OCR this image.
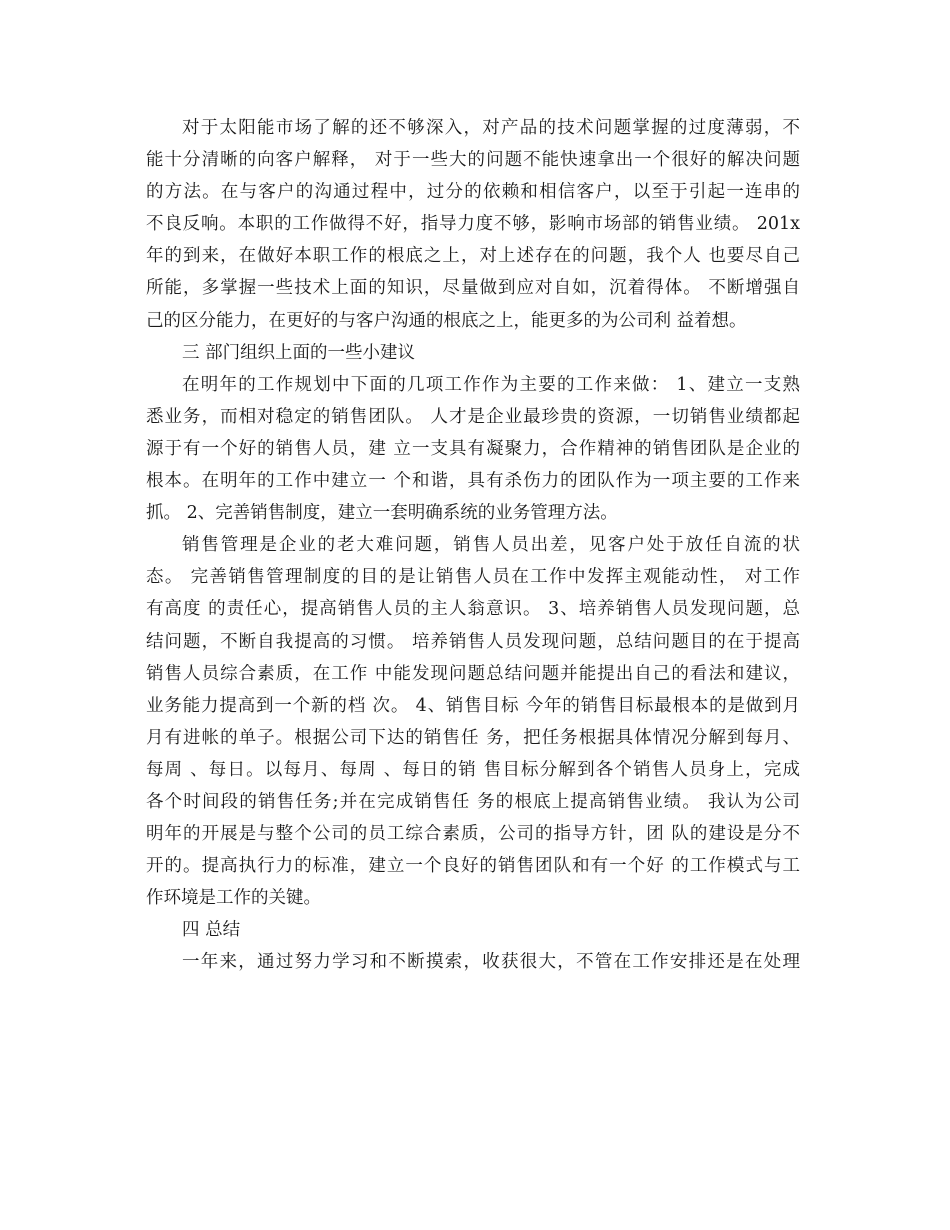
对于太阳能市场了解的还不够深入，对产品的技术问题掌握的过度薄弱，不
能十分清晰的向客户解释， 对于一些大的问题不能快速拿出一个很好的解决问题
的方法。在与客户的沟通过程中，过分的依赖和相信客户，以至于引起一连串的
不良反响。本职的工作做得不好，指导力度不够，影响市场部的销售业绩。 201x
年的到来，在做好本职工作的根底之上，对上述存在的问题，我个人 也要尽自己
所能，多掌握一些技术上面的知识，尽量做到应对自如，沉着得体。 不断增强自
己的区分能力，在更好的与客户沟通的根底之上，能更多的为公司利 益着想。
三 部门组织上面的一些小建议
在明年的工作规划中下面的几项工作作为主要的工作来做： 1、建立一支熟
悉业务，而相对稳定的销售团队。 人才是企业最珍贵的资源，一切销售业绩都起
源于有一个好的销售人员，建 立一支具有凝聚力，合作精神的销售团队是企业的
根本。在明年的工作中建立一 个和谐，具有杀伤力的团队作为一项主要的工作来
抓。 2、完善销售制度，建立一套明确系统的业务管理方法。
销售管理是企业的老大难问题，销售人员出差，见客户处于放任自流的状
态。 完善销售管理制度的目的是让销售人员在工作中发挥主观能动性， 对工作
有高度 的责任心，提高销售人员的主人翁意识。 3、培养销售人员发现问题，总
结问题，不断自我提高的习惯。 培养销售人员发现问题，总结问题目的在于提高
销售人员综合素质，在工作 中能发现问题总结问题并能提出自己的看法和建议，
业务能力提高到一个新的档 次。 4、销售目标 今年的销售目标最根本的是做到月
月有进帐的单子。根据公司下达的销售任 务，把任务根据具体情况分解到每月、
每周 、每日。以每月、每周 、每日的销 售目标分解到各个销售人员身上，完成
各个时间段的销售任务;并在完成销售任 务的根底上提高销售业绩。 我认为公司
明年的开展是与整个公司的员工综合素质，公司的指导方针，团 队的建设是分不
开的。提高执行力的标准，建立一个良好的销售团队和有一个好 的工作模式与工
作环境是工作的关键。
四 总结
一年来，通过努力学习和不断摸索，收获很大，不管在工作安排还是在处理
